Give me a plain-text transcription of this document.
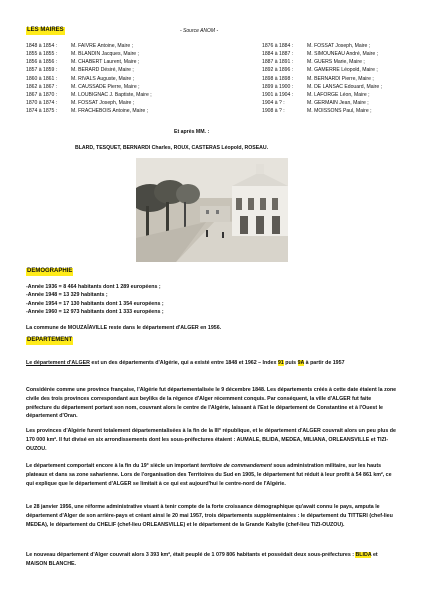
LES MAIRES	- Source ANOM -
1848 à 1854 :	M. FAIVRE Antoine, Maire ;
1855 à 1855 :	M. BLANDIN Jacques, Maire ;
1856 à 1856 :	M. CHABERT Laurent, Maire ;
1857 à 1859 :	M. BERARD Désiré, Maire ;
1860 à 1861 :	M. RIVALS Auguste, Maire ;
1862 à 1867 :	M. CAUSSADE Pierre, Maire ;
1867 à 1870 :	M. LOUBIGNAC J. Baptiste, Maire ;
1870 à 1874 :	M. FOSSAT Joseph, Maire ;
1874 à 1875 :	M. FRACHEBOIS Antoine, Maire ;
1876 à 1884 :	M. FOSSAT Joseph, Maire ;
1884 à 1887 :	M. SIMOUNEAU André, Maire ;
1887 à 1891 :	M. GUERS Marie, Maire ;
1892 à 1896 :	M. GAMERRE Léopold, Maire ;
1898 à 1898 :	M. BERNARDI Pierre, Maire ;
1899 à 1900 :	M. DE LANSAC Edouard, Maire ;
1901 à 1904 :	M. LAFORGE Léon, Maire ;
1904 à ? :	M. GERMAIN Jean, Maire ;
1908 à ? :	M. MOISSONS Paul, Maire ;
Et après MM. :
BLARD, TESQUET, BERNARDI Charles, ROUX, CASTERAS Léopold, ROSEAU.
DEMOGRAPHIE
-Année 1936 = 8 464 habitants dont 1 289 européens ;
-Année 1948 = 13 329 habitants ;
-Année 1954 = 17 130 habitants dont 1 354 européens ;
-Année 1960 = 12 973 habitants dont 1 333 européens ;
La commune de MOUZAÏAVILLE reste dans le département d'ALGER en 1956.
DEPARTEMENT
Le département d'ALGER est un des départements d'Algérie, qui a existé entre 1848 et 1962 – Index 91 puis 9A à partir de 1957
Considérée comme une province française, l'Algérie fut départementalisée le 9 décembre 1848. Les départements créés à cette date étaient la zone civile des trois provinces correspondant aux beyliks de la régence d'Alger récemment conquis. Par conséquent, la ville d'ALGER fut faite préfecture du département portant son nom, couvrant alors le centre de l'Algérie, laissant à l'Est le département de Constantine et à l'Ouest le département d'Oran.
Les provinces d'Algérie furent totalement départementalisées à la fin de la III° république, et le département d'ALGER couvrait alors un peu plus de 170 000 km². Il fut divisé en six arrondissements dont les sous-préfectures étaient : AUMALE, BLIDA, MEDEA, MILIANA, ORLEANSVILLE et TIZI-OUZOU.
Le département comportait encore à la fin du 19° siècle un important territoire de commandement sous administration militaire, sur les hauts plateaux et dans sa zone saharienne. Lors de l'organisation des Territoires du Sud en 1905, le département fut réduit à leur profit à 54 861 km², ce qui explique que le département d'ALGER se limitait à ce qui est aujourd'hui le centre-nord de l'Algérie.
Le 28 janvier 1956, une réforme administrative visant à tenir compte de la forte croissance démographique qu'avait connu le pays, amputa le département d'Alger de son arrière-pays et créant ainsi le 20 mai 1957, trois départements supplémentaires : le département du TITTERI (chef-lieu MEDEA), le département du CHELIF (chef-lieu ORLEANSVILLE) et le département de la Grande Kabylie (chef-lieu TIZI-OUZOU).
Le nouveau département d'Alger couvrait alors 3 393 km², était peuplé de 1 079 806 habitants et possédait deux sous-préfectures : BLIDA et MAISON BLANCHE.
